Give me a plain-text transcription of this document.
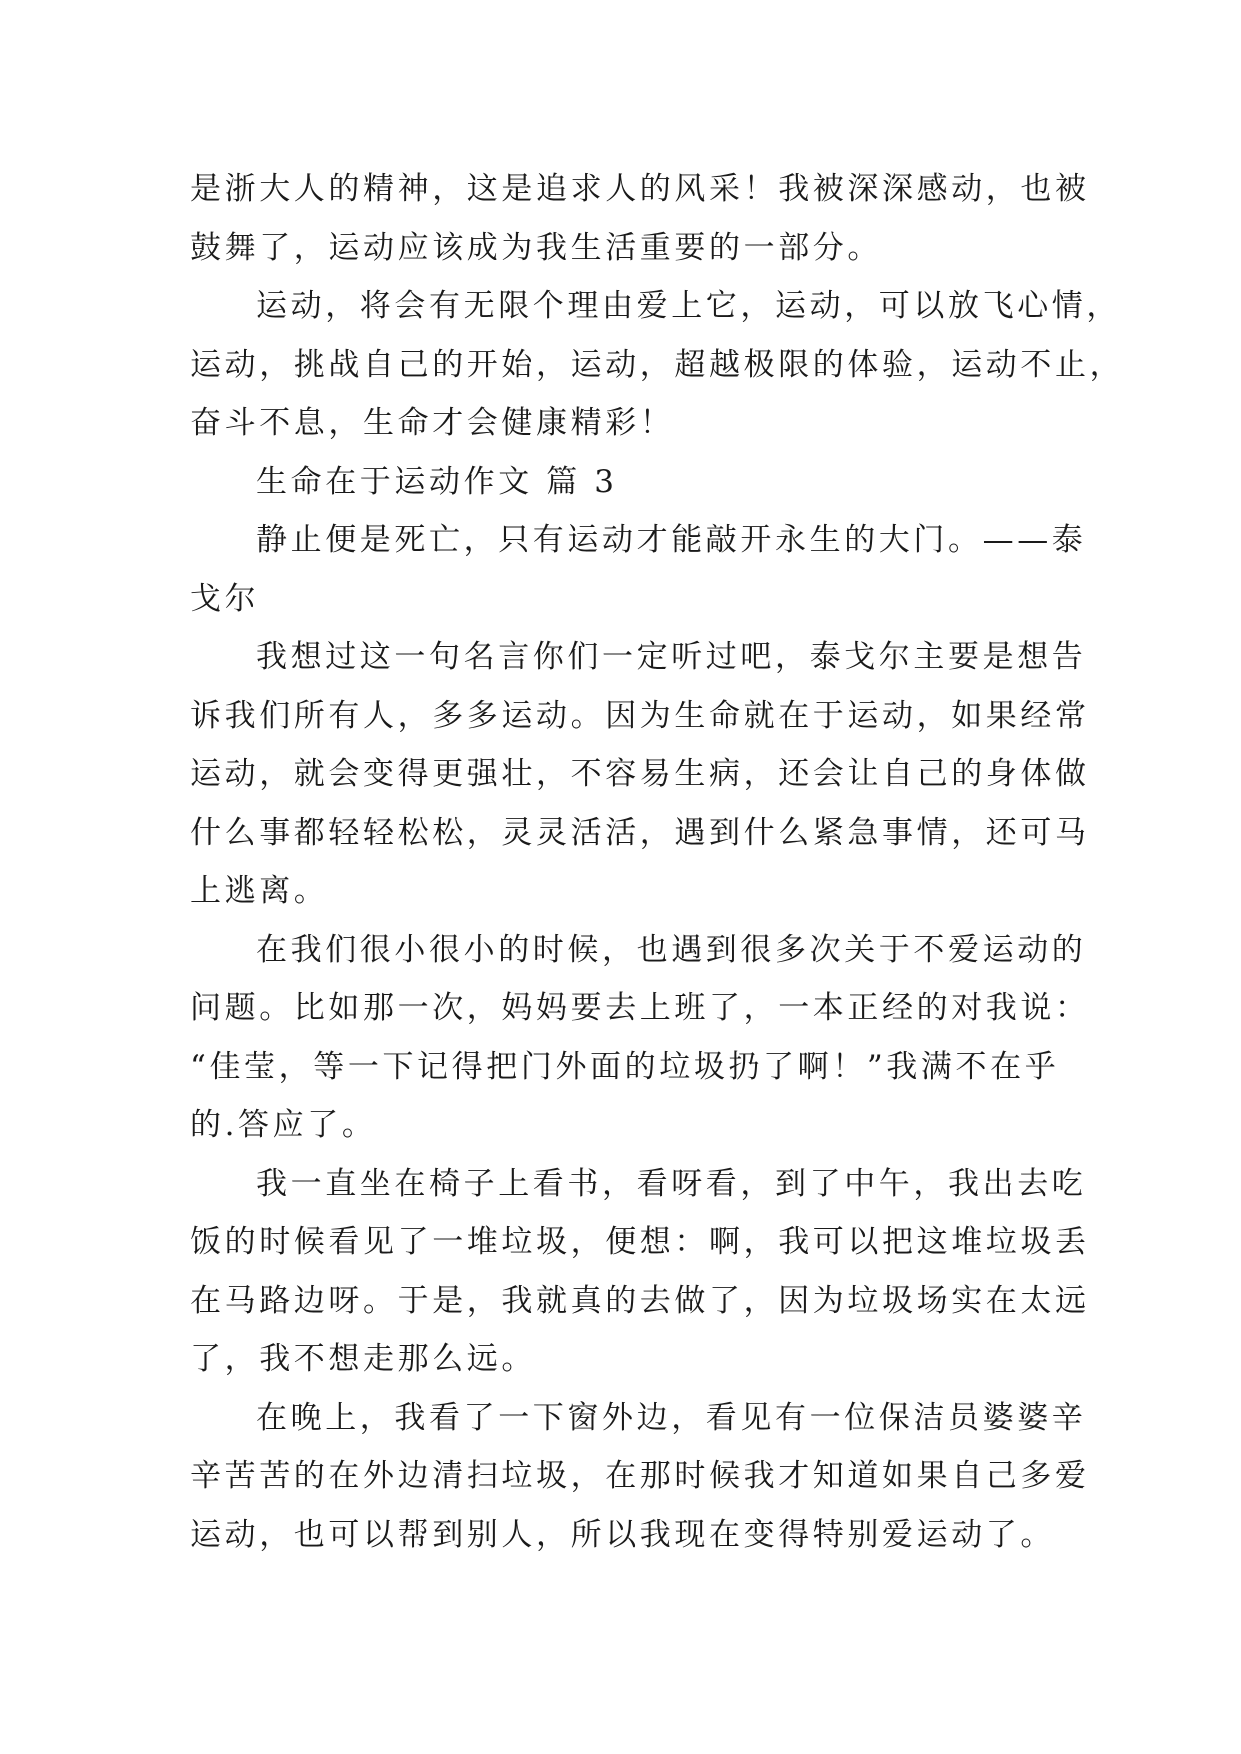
是浙大人的精神，这是追求人的风采！我被深深感动，也被
鼓舞了，运动应该成为我生活重要的一部分。
运动，将会有无限个理由爱上它，运动，可以放飞心情，
运动，挑战自己的开始，运动，超越极限的体验，运动不止，
奋斗不息，生命才会健康精彩！
生命在于运动作文 篇 3
静止便是死亡，只有运动才能敲开永生的大门。——泰
戈尔
我想过这一句名言你们一定听过吧，泰戈尔主要是想告
诉我们所有人，多多运动。因为生命就在于运动，如果经常
运动，就会变得更强壮，不容易生病，还会让自己的身体做
什么事都轻轻松松，灵灵活活，遇到什么紧急事情，还可马
上逃离。
在我们很小很小的时候，也遇到很多次关于不爱运动的
问题。比如那一次，妈妈要去上班了，一本正经的对我说：
“佳莹，等一下记得把门外面的垃圾扔了啊！”我满不在乎
的.答应了。
我一直坐在椅子上看书，看呀看，到了中午，我出去吃
饭的时候看见了一堆垃圾，便想：啊，我可以把这堆垃圾丢
在马路边呀。于是，我就真的去做了，因为垃圾场实在太远
了，我不想走那么远。
在晚上，我看了一下窗外边，看见有一位保洁员婆婆辛
辛苦苦的在外边清扫垃圾，在那时候我才知道如果自己多爱
运动，也可以帮到别人，所以我现在变得特别爱运动了。
